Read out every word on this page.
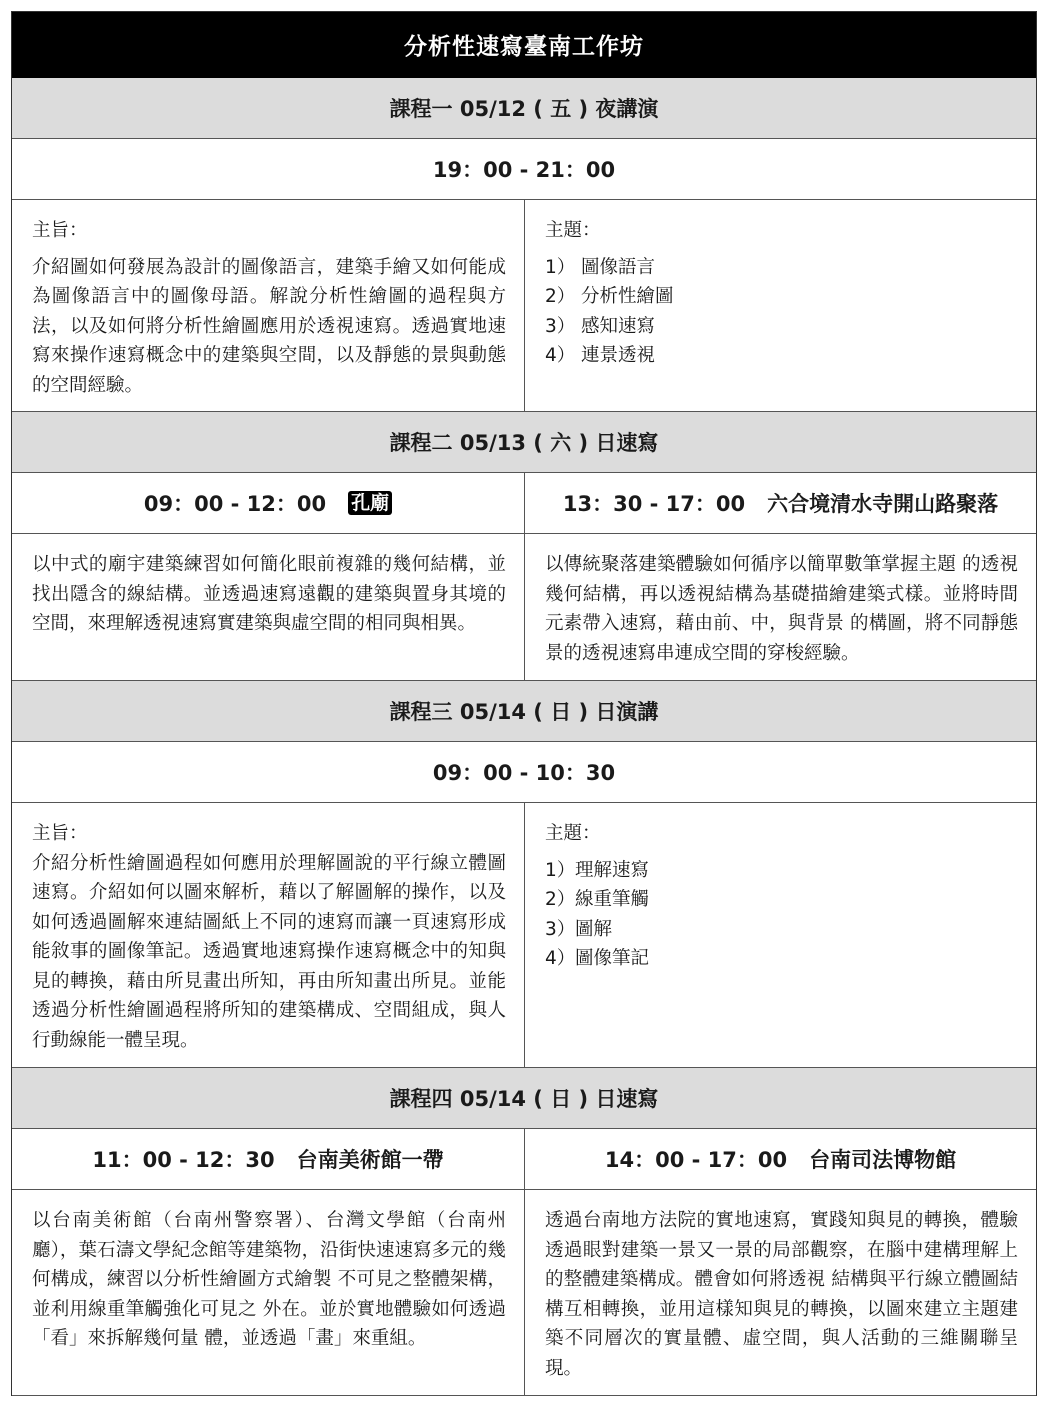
分析性速寫臺南工作坊
課程一 05/12 ( 五 ) 夜講演
19：00 - 21：00

主旨：

介紹圖如何發展為設計的圖像語言，建築手繪又如何能成為圖像語言中的圖像母語。解說分析性繪圖的過程與方法，以及如何將分析性繪圖應用於透視速寫。透過實地速寫來操作速寫概念中的建築與空間，以及靜態的景與動態的空間經驗。

主題：

1） 圖像語言
2） 分析性繪圖
3） 感知速寫
4） 連景透視
課程二 05/13 ( 六 ) 日速寫
09：00 - 12：00 孔廟	13：30 - 17：00 六合境清水寺開山路聚落

以中式的廟宇建築練習如何簡化眼前複雜的幾何結構，並找出隱含的線結構。並透過速寫遠觀的建築與置身其境的空間，來理解透視速寫實建築與虛空間的相同與相異。

以傳統聚落建築體驗如何循序以簡單數筆掌握主題 的透視幾何結構，再以透視結構為基礎描繪建築式樣。並將時間元素帶入速寫，藉由前、中，與背景 的構圖，將不同靜態景的透視速寫串連成空間的穿梭經驗。

課程三 05/14 ( 日 ) 日演講
09：00 - 10：30

主旨：

介紹分析性繪圖過程如何應用於理解圖說的平行線立體圖速寫。介紹如何以圖來解析，藉以了解圖解的操作，以及如何透過圖解來連結圖紙上不同的速寫而讓一頁速寫形成能敘事的圖像筆記。透過實地速寫操作速寫概念中的知與見的轉換，藉由所見畫出所知，再由所知畫出所見。並能透過分析性繪圖過程將所知的建築構成、空間組成，與人行動線能一體呈現。

主題：

1）理解速寫
2）線重筆觸
3）圖解
4）圖像筆記
課程四 05/14 ( 日 ) 日速寫
11：00 - 12：30 台南美術館一帶	14：00 - 17：00 台南司法博物館

以台南美術館（台南州警察署）、台灣文學館（台南州廳），葉石濤文學紀念館等建築物，沿街快速速寫多元的幾何構成，練習以分析性繪圖方式繪製 不可見之整體架構，並利用線重筆觸強化可見之 外在。並於實地體驗如何透過「看」來拆解幾何量 體，並透過「畫」來重組。

透過台南地方法院的實地速寫，實踐知與見的轉換，體驗透過眼對建築一景又一景的局部觀察，在腦中建構理解上的整體建築構成。體會如何將透視 結構與平行線立體圖結構互相轉換，並用這樣知與見的轉換，以圖來建立主題建築不同層次的實量體、虛空間，與人活動的三維關聯呈現。
